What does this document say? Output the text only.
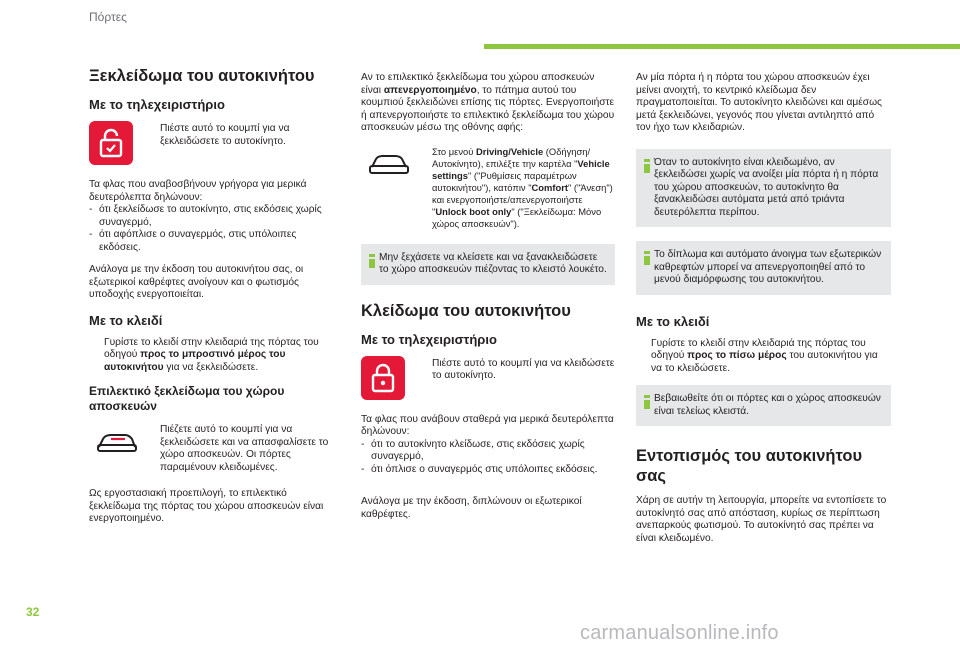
Πόρτες
Ξεκλείδωμα του αυτοκινήτου
Με το τηλεχειριστήριο
Πιέστε αυτό το κουμπί για να ξεκλειδώσετε το αυτοκίνητο.

Τα φλας που αναβοσβήνουν γρήγορα για μερικά δευτερόλεπτα δηλώνουν:

- ότι ξεκλείδωσε το αυτοκίνητο, στις εκδόσεις χωρίς συναγερμό,
- ότι αφόπλισε ο συναγερμός, στις υπόλοιπες εκδόσεις.

Ανάλογα με την έκδοση του αυτοκινήτου σας, οι εξωτερικοί καθρέφτες ανοίγουν και ο φωτισμός υποδοχής ενεργοποιείται.

Με το κλειδί
Γυρίστε το κλειδί στην κλειδαριά της πόρτας του οδηγού προς το μπροστινό μέρος του αυτοκινήτου για να ξεκλειδώσετε.
Επιλεκτικό ξεκλείδωμα του χώρου αποσκευών
Πιέζετε αυτό το κουμπί για να ξεκλειδώσετε και να απασφαλίσετε το χώρο αποσκευών. Οι πόρτες παραμένουν κλειδωμένες.

Ως εργοστασιακή προεπιλογή, το επιλεκτικό ξεκλείδωμα της πόρτας του χώρου αποσκευών είναι ενεργοποιημένο.

Αν το επιλεκτικό ξεκλείδωμα του χώρου αποσκευών είναι απενεργοποιημένο, το πάτημα αυτού του κουμπιού ξεκλειδώνει επίσης τις πόρτες. Ενεργοποιήστε ή απενεργοποιήστε το επιλεκτικό ξεκλείδωμα του χώρου αποσκευών μέσω της οθόνης αφής:

Στο μενού Driving/Vehicle (Οδήγηση/ Αυτοκίνητο), επιλέξτε την καρτέλα "Vehicle settings" ("Ρυθμίσεις παραμέτρων αυτοκινήτου"), κατόπιν "Comfort" ("Άνεση") και ενεργοποιήστε/απενεργοποιήστε "Unlock boot only" ("Ξεκλείδωμα: Μόνο χώρος αποσκευών").
Μην ξεχάσετε να κλείσετε και να ξανακλειδώσετε το χώρο αποσκευών πιέζοντας το κλειστό λουκέτο.
Κλείδωμα του αυτοκινήτου
Με το τηλεχειριστήριο
Πιέστε αυτό το κουμπί για να κλειδώσετε το αυτοκίνητο.

Τα φλας που ανάβουν σταθερά για μερικά δευτερόλεπτα δηλώνουν:

- ότι το αυτοκίνητο κλείδωσε, στις εκδόσεις χωρίς συναγερμό,
- ότι όπλισε ο συναγερμός στις υπόλοιπες εκδόσεις.

Ανάλογα με την έκδοση, διπλώνουν οι εξωτερικοί καθρέφτες.

Αν μία πόρτα ή η πόρτα του χώρου αποσκευών έχει μείνει ανοιχτή, το κεντρικό κλείδωμα δεν πραγματοποιείται. Το αυτοκίνητο κλειδώνει και αμέσως μετά ξεκλειδώνει, γεγονός που γίνεται αντιληπτό από τον ήχο των κλειδαριών.

Όταν το αυτοκίνητο είναι κλειδωμένο, αν ξεκλειδώσει χωρίς να ανοίξει μία πόρτα ή η πόρτα του χώρου αποσκευών, το αυτοκίνητο θα ξανακλειδώσει αυτόματα μετά από τριάντα δευτερόλεπτα περίπου.
Το δίπλωμα και αυτόματο άνοιγμα των εξωτερικών καθρεφτών μπορεί να απενεργοποιηθεί από το μενού διαμόρφωσης του αυτοκινήτου.
Με το κλειδί
Γυρίστε το κλειδί στην κλειδαριά της πόρτας του οδηγού προς το πίσω μέρος του αυτοκινήτου για να το κλειδώσετε.
Βεβαιωθείτε ότι οι πόρτες και ο χώρος αποσκευών είναι τελείως κλειστά.
Εντοπισμός του αυτοκινήτου σας

Χάρη σε αυτήν τη λειτουργία, μπορείτε να εντοπίσετε το αυτοκίνητό σας από απόσταση, κυρίως σε περίπτωση ανεπαρκούς φωτισμού. Το αυτοκίνητό σας πρέπει να είναι κλειδωμένο.

32
carmanualsonline.info
